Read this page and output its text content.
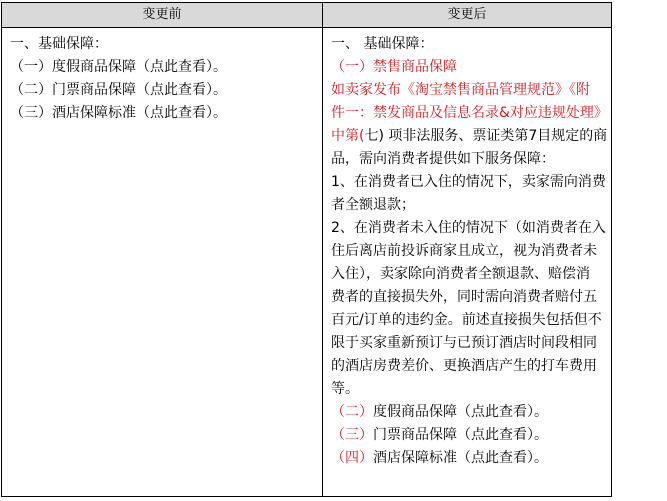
变更前
一、基础保障：
（一）度假商品保障（点此查看）。
（二）门票商品保障（点此查看）。
（三）酒店保障标准（点此查看）。
变更后
一、 基础保障：
（一）禁售商品保障
如卖家发布《淘宝禁售商品管理规范》《附
件一：禁发商品及信息名录&对应违规处理》
中第(七) 项非法服务、票证类第7目规定的商
品，需向消费者提供如下服务保障：
1、在消费者已入住的情况下，卖家需向消费
者全额退款；
2、在消费者未入住的情况下（如消费者在入
住后离店前投诉商家且成立，视为消费者未
入住），卖家除向消费者全额退款、赔偿消
费者的直接损失外，同时需向消费者赔付五
百元/订单的违约金。前述直接损失包括但不
限于买家重新预订与已预订酒店时间段相同
的酒店房费差价、更换酒店产生的打车费用
等。
（二）度假商品保障（点此查看）。
（三）门票商品保障（点此查看）。
（四）酒店保障标准（点此查看）。
